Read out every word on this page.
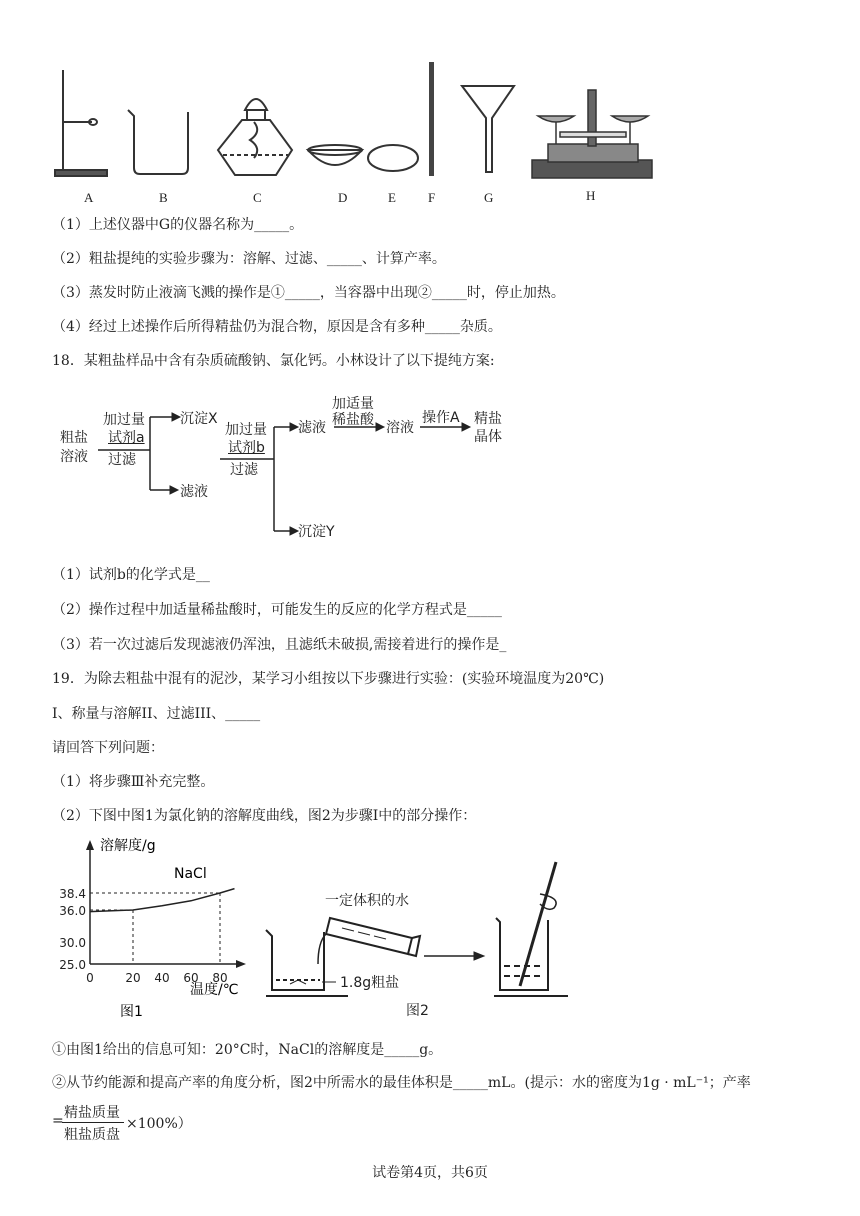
A	B	C	D	E F	G	H
（1）上述仪器中G的仪器名称为_____。
（2）粗盐提纯的实验步骤为：溶解、过滤、_____、计算产率。
（3）蒸发时防止液滴飞溅的操作是①_____，当容器中出现②_____时，停止加热。
（4）经过上述操作后所得精盐仍为混合物，原因是含有多种_____杂质。
18．某粗盐样品中含有杂质硫酸钠、氯化钙。小林设计了以下提纯方案:
粗盐
溶液
加过量
试剂a
过滤
沉淀X
滤液
加过量
试剂b
过滤
滤液
沉淀Y
加适量
稀盐酸 溶液
操作A 精盐
晶体
（1）试剂b的化学式是__
（2）操作过程中加适量稀盐酸时，可能发生的反应的化学方程式是_____
（3）若一次过滤后发现滤液仍浑浊，且滤纸未破损,需接着进行的操作是_
19．为除去粗盐中混有的泥沙，某学习小组按以下步骤进行实验：(实验环境温度为20℃)
I、称量与溶解II、过滤III、_____
请回答下列问题：
（1）将步骤Ⅲ补充完整。
（2）下图中图1为氯化钠的溶解度曲线，图2为步骤Ⅰ中的部分操作：
25.0
30.0
36.0
38.4
0	20 40 60 80
溶解度/g
温度/℃
NaCl
图1
一定体积的水
1.8g粗盐
图2
①由图1给出的信息可知：20°C时，NaCl的溶解度是_____g。
②从节约能源和提高产率的角度分析，图2中所需水的最佳体积是_____mL。(提示：水的密度为1g · mL⁻¹；产率
= 精盐质量
粗盐质盘
×100%）
试卷第4页，共6页
